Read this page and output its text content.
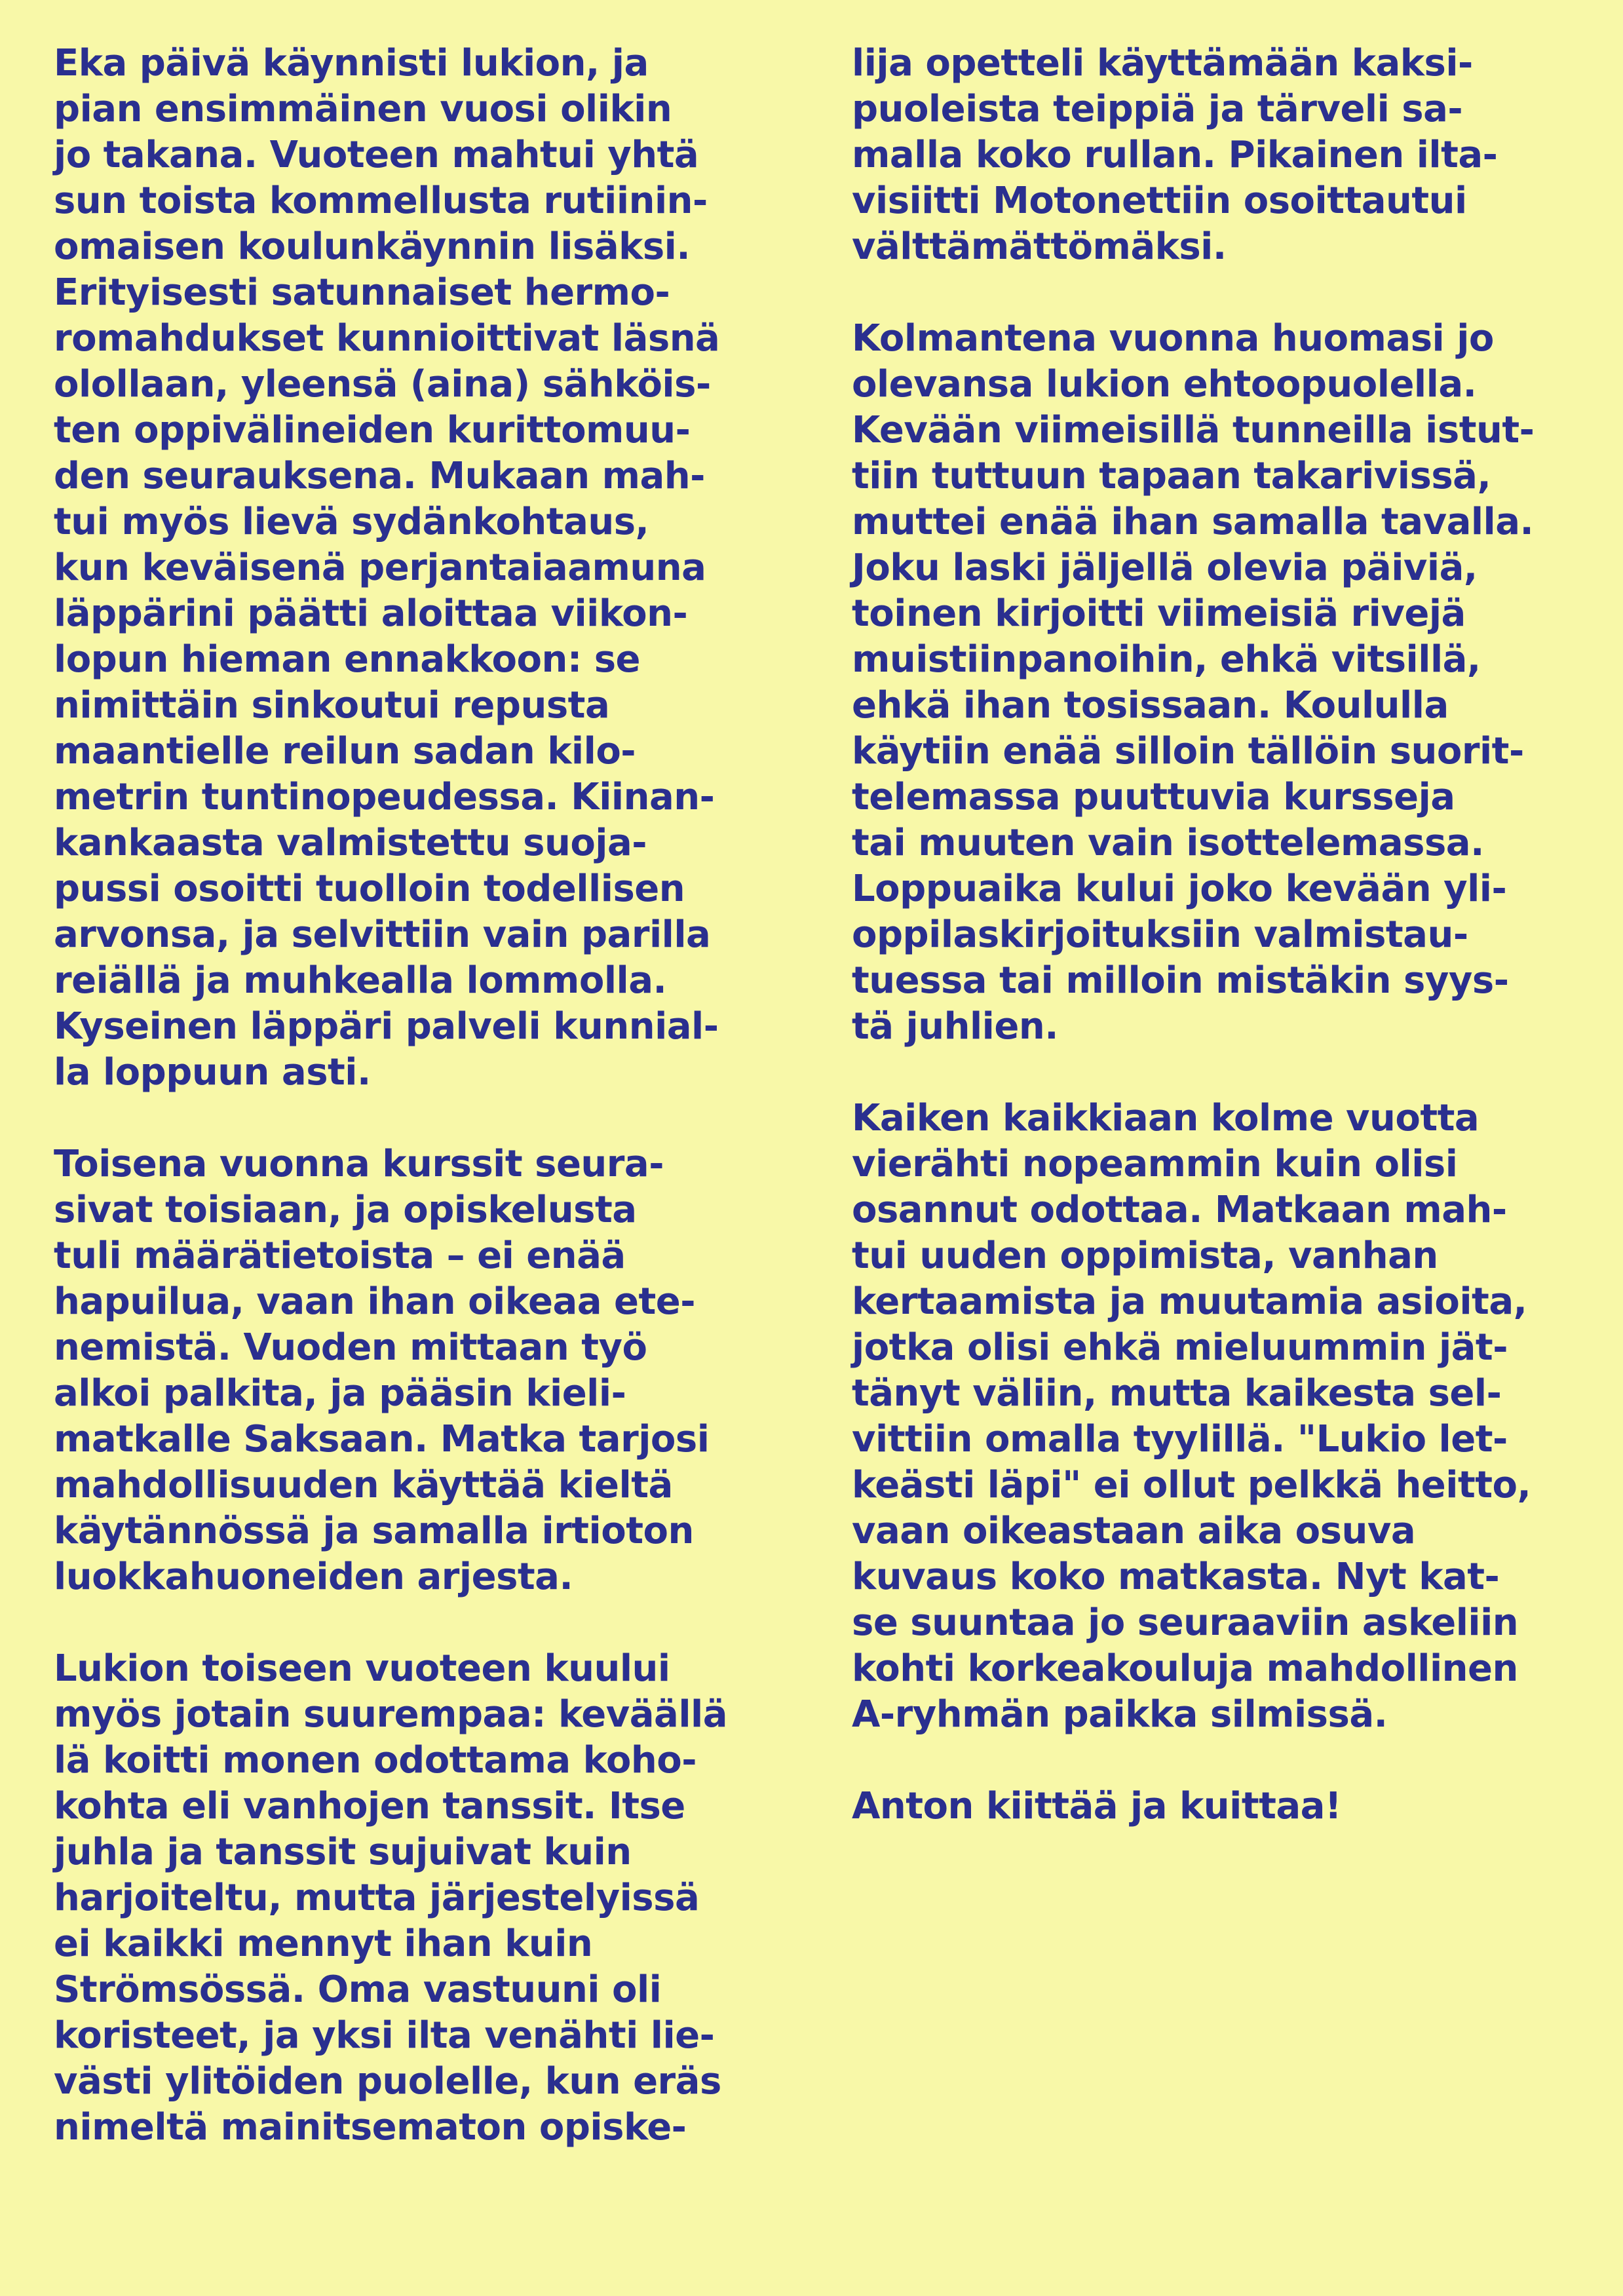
Eka päivä käynnisti lukion, ja
pian ensimmäinen vuosi olikin
jo takana. Vuoteen mahtui yhtä
sun toista kommellusta rutiinin-
omaisen koulunkäynnin lisäksi.
Erityisesti satunnaiset hermo-
romahdukset kunnioittivat läsnä
olollaan, yleensä (aina) sähköis-
ten oppivälineiden kurittomuu-
den seurauksena. Mukaan mah-
tui myös lievä sydänkohtaus,
kun keväisenä perjantaiaamuna
läppärini päätti aloittaa viikon-
lopun hieman ennakkoon: se
nimittäin sinkoutui repusta
maantielle reilun sadan kilo-
metrin tuntinopeudessa. Kiinan-
kankaasta valmistettu suoja-
pussi osoitti tuolloin todellisen
arvonsa, ja selvittiin vain parilla
reiällä ja muhkealla lommolla.
Kyseinen läppäri palveli kunnial-
la loppuun asti.

Toisena vuonna kurssit seura-
sivat toisiaan, ja opiskelusta
tuli määrätietoista – ei enää
hapuilua, vaan ihan oikeaa ete-
nemistä. Vuoden mittaan työ
alkoi palkita, ja pääsin kieli-
matkalle Saksaan. Matka tarjosi
mahdollisuuden käyttää kieltä
käytännössä ja samalla irtioton
luokkahuoneiden arjesta.

Lukion toiseen vuoteen kuului
myös jotain suurempaa: keväällä
lä koitti monen odottama koho-
kohta eli vanhojen tanssit. Itse
juhla ja tanssit sujuivat kuin
harjoiteltu, mutta järjestelyissä
ei kaikki mennyt ihan kuin
Strömsössä. Oma vastuuni oli
koristeet, ja yksi ilta venähti lie-
västi ylitöiden puolelle, kun eräs
nimeltä mainitsematon opiske-

lija opetteli käyttämään kaksi-
puoleista teippiä ja tärveli sa-
malla koko rullan. Pikainen ilta-
visiitti Motonettiin osoittautui
välttämättömäksi.

Kolmantena vuonna huomasi jo
olevansa lukion ehtoopuolella.
Kevään viimeisillä tunneilla istut-
tiin tuttuun tapaan takarivissä,
muttei enää ihan samalla tavalla.
Joku laski jäljellä olevia päiviä,
toinen kirjoitti viimeisiä rivejä
muistiinpanoihin, ehkä vitsillä,
ehkä ihan tosissaan. Koululla
käytiin enää silloin tällöin suorit-
telemassa puuttuvia kursseja
tai muuten vain isottelemassa.
Loppuaika kului joko kevään yli-
oppilaskirjoituksiin valmistau-
tuessa tai milloin mistäkin syys-
tä juhlien.

Kaiken kaikkiaan kolme vuotta
vierähti nopeammin kuin olisi
osannut odottaa. Matkaan mah-
tui uuden oppimista, vanhan
kertaamista ja muutamia asioita,
jotka olisi ehkä mieluummin jät-
tänyt väliin, mutta kaikesta sel-
vittiin omalla tyylillä. "Lukio let-
keästi läpi" ei ollut pelkkä heitto,
vaan oikeastaan aika osuva
kuvaus koko matkasta. Nyt kat-
se suuntaa jo seuraaviin askeliin
kohti korkeakouluja mahdollinen
A-ryhmän paikka silmissä.

Anton kiittää ja kuittaa!
